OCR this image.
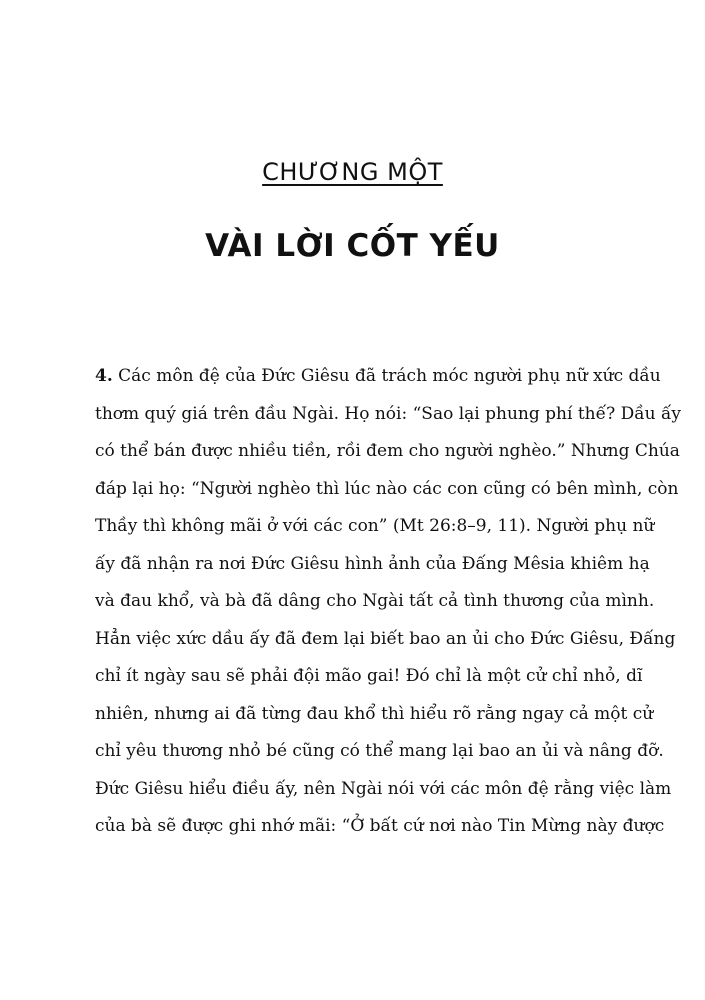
CHƯƠNG MỘT
VÀI LỜI CỐT YẾU
4. Các môn đệ của Đức Giêsu đã trách móc người phụ nữ xức dầu
thơm quý giá trên đầu Ngài. Họ nói: “Sao lại phung phí thế? Dầu ấy
có thể bán được nhiều tiền, rồi đem cho người nghèo.” Nhưng Chúa
đáp lại họ: “Người nghèo thì lúc nào các con cũng có bên mình, còn
Thầy thì không mãi ở với các con” (Mt 26:8–9, 11). Người phụ nữ
ấy đã nhận ra nơi Đức Giêsu hình ảnh của Đấng Mêsia khiêm hạ
và đau khổ, và bà đã dâng cho Ngài tất cả tình thương của mình.
Hẳn việc xức dầu ấy đã đem lại biết bao an ủi cho Đức Giêsu, Đấng
chỉ ít ngày sau sẽ phải đội mão gai! Đó chỉ là một cử chỉ nhỏ, dĩ
nhiên, nhưng ai đã từng đau khổ thì hiểu rõ rằng ngay cả một cử
chỉ yêu thương nhỏ bé cũng có thể mang lại bao an ủi và nâng đỡ.
Đức Giêsu hiểu điều ấy, nên Ngài nói với các môn đệ rằng việc làm
của bà sẽ được ghi nhớ mãi: “Ở bất cứ nơi nào Tin Mừng này được
